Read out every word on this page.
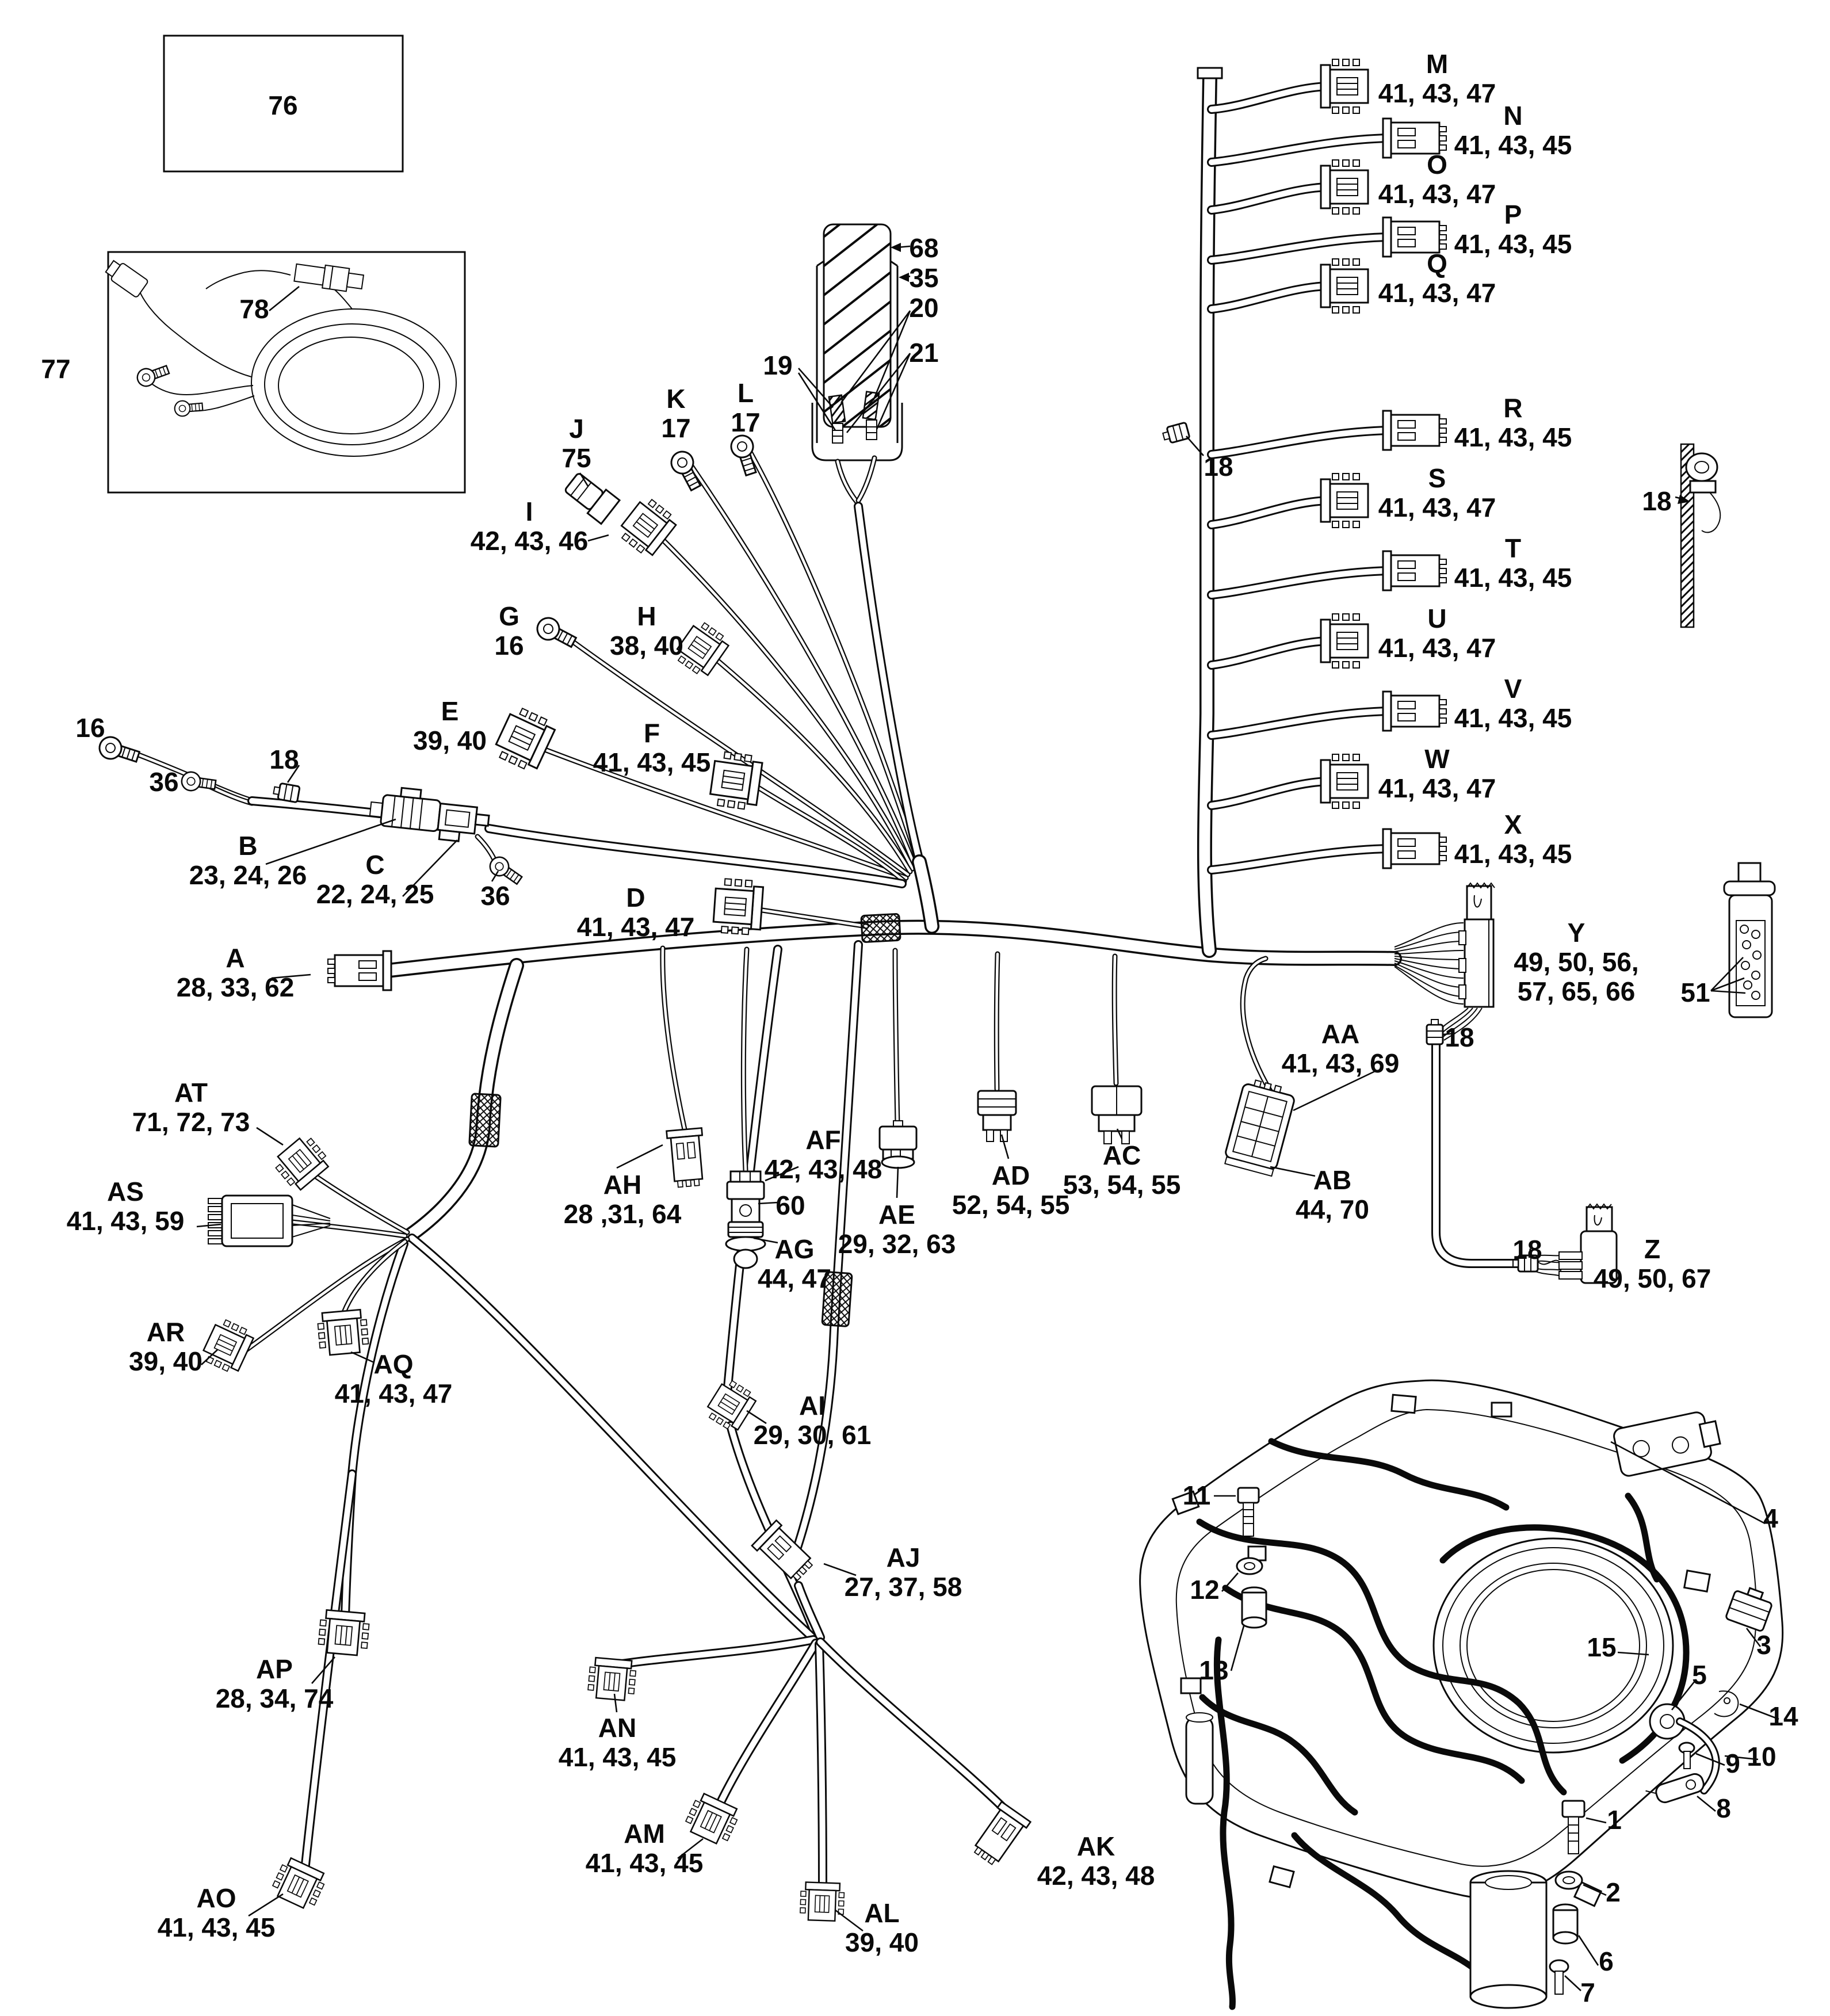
76
77
78
68
35
20
19	21
M
41, 43, 47
N
41, 43, 45
O
41, 43, 47
P
41, 43, 45
Q
41, 43, 47
R
41, 43, 45
S
41, 43, 47
T
41, 43, 45
U
41, 43, 47
V
41, 43, 45
W
41, 43, 47
X
41, 43, 45
18
18
K
17
L
17
J
75
I
42, 43, 46
G
16
H
38, 40
E
39, 40	F
41, 43, 45
16
36
18
B
23, 24, 26	C
22, 24, 25 36	D
41, 43, 47
A
28, 33, 62
Y
49, 50, 56,
57, 65, 66 51
18
AA
41, 43, 69
AB
44, 70
AC
53, 54, 55
AD
52, 54, 55
AE
29, 32, 63
AF
42, 43, 48
60
AG
44, 47
AH
28 ,31, 64
18	Z
49, 50, 67
AT
71, 72, 73
AS
41, 43, 59
AR
39, 40	AQ
41, 43, 47	AI
29, 30, 61
AJ
27, 37, 58
AP
28, 34, 74
AN
41, 43, 45
AO
41, 43, 45
AM
41, 43, 45
AL
39, 40
AK
42, 43, 48
11
12
13
4
5
3
15
14
10
1
2
6
7
9
8
